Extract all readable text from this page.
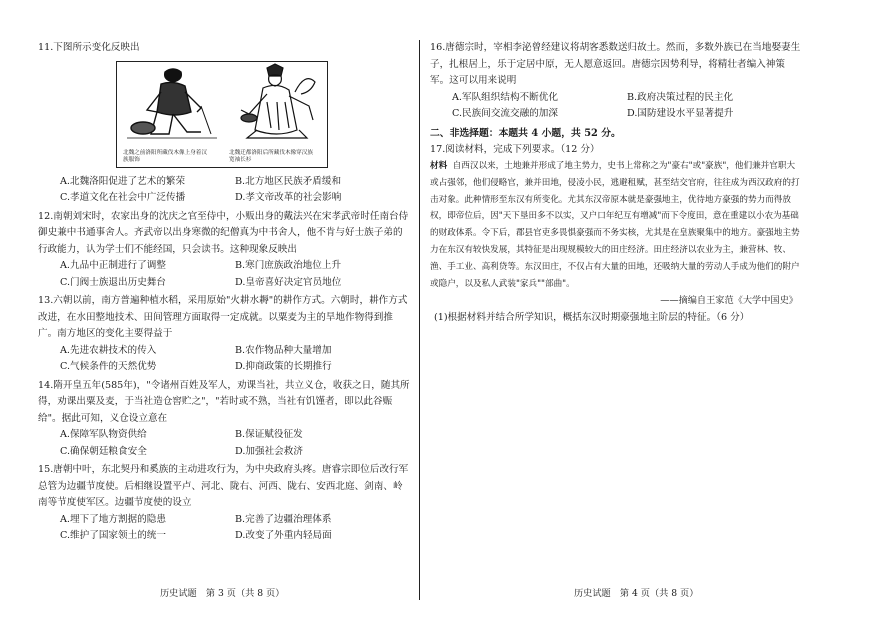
11.下图所示变化反映出

北魏之前洛阳所藏伐木像上身着汉族服饰
北魏迁都洛阳后所藏伐木像穿汉族宽袖长衫
A.北魏洛阳促进了艺术的繁荣	B.北方地区民族矛盾缓和
C.孝道文化在社会中广泛传播	D.孝文帝改革的社会影响

12.南朝刘宋时，农家出身的沈庆之官至侍中，小贩出身的戴法兴在宋孝武帝时任南台侍御史兼中书通事舍人。齐武帝以出身寒微的纪僧真为中书舍人，他不肯与好士族子弟的行政能力，认为学士们不能经国，只会读书。这种现象反映出

A.九品中正制进行了调整	B.寒门庶族政治地位上升
C.门阀士族退出历史舞台	D.皇帝喜好决定官员地位

13.六朝以前，南方普遍种植水稻，采用原始"火耕水耨"的耕作方式。六朝时，耕作方式改进，在水田整地技术、田间管理方面取得一定成就。以粟麦为主的旱地作物得到推广。南方地区的变化主要得益于

A.先进农耕技术的传入	B.农作物品种大量增加
C.气候条件的天然优势	D.抑商政策的长期推行

14.隋开皇五年(585年)，"令诸州百姓及军人，劝课当社，共立义仓，收获之日，随其所得，劝课出粟及麦，于当社造仓窖贮之"，"若时或不熟，当社有饥馑者，即以此谷赈给"。据此可知，义仓设立意在

A.保障军队物资供给	B.保证赋役征发
C.确保朝廷粮食安全	D.加强社会救济

15.唐朝中叶，东北契丹和奚族的主动进攻行为，为中央政府头疼。唐睿宗即位后改行军总管为边疆节度使。后相继设置平卢、河北、陇右、河西、陇右、安西北庭、剑南、岭南等节度使军区。边疆节度使的设立

A.埋下了地方割据的隐患	B.完善了边疆治理体系
C.维护了国家领土的统一	D.改变了外重内轻局面

16.唐德宗时，宰相李泌曾经建议将胡客悉数送归故土。然而，多数外族已在当地娶妻生子，扎根居上，乐于定居中原，无人愿意返回。唐德宗因势利导，将精壮者编入神策军。这可以用来说明

A.军队组织结构不断优化	B.政府决策过程的民主化
C.民族间交流交融的加深	D.国防建设水平显著提升

二、非选择题：本题共 4 小题，共 52 分。

17.阅读材料，完成下列要求。（12 分）

材料 自西汉以来，土地兼并形成了地主势力，史书上常称之为"豪右"或"豪族"，他们兼并官职大或占强邻，他们侵略官，兼并田地，侵凌小民，逃避租赋，甚至结交官府，往往成为西汉政府的打击对象。此种情形至东汉有所变化。尤其东汉帝原本就是豪强地主，优待地方豪强的势力而得放权，即帝位后，因"天下垦田多不以实，又户口年纪互有增减"而下令度田，意在重建以小农为基础的财政体系。令下后，郡县官吏多畏惧豪强而不务实核，尤其是在皇族聚集中的地方。豪强地主势力在东汉有较快发展，其特征是出现规模较大的田庄经济。田庄经济以农业为主，兼营林、牧、渔、手工业、高利贷等。东汉田庄，不仅占有大量的田地，还吸纳大量的劳动人手成为他们的附户或隐户，以及私人武装"家兵""部曲"。

——摘编自王家范《大学中国史》

(1)根据材料并结合所学知识，概括东汉时期豪强地主阶层的特征。（6 分）

历史试题　第 3 页（共 8 页）	历史试题　第 4 页（共 8 页）
